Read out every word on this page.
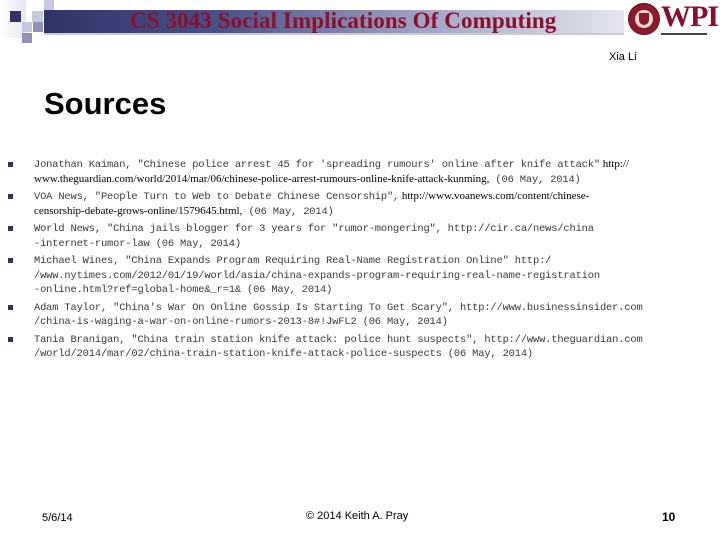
CS 3043 Social Implications Of Computing	WPI
Xia Li
Sources
Jonathan Kaiman, "Chinese police arrest 45 for 'spreading rumours' online after knife attack" http://
www.theguardian.com/world/2014/mar/06/chinese-police-arrest-rumours-online-knife-attack-kunming, (06 May, 2014)
VOA News, "People Turn to Web to Debate Chinese Censorship", http://www.voanews.com/content/chinese-
censorship-debate-grows-online/1579645.html, (06 May, 2014)
World News, "China jails blogger for 3 years for "rumor-mongering", http://cir.ca/news/china
-internet-rumor-law (06 May, 2014)
Michael Wines, "China Expands Program Requiring Real-Name Registration Online" http:/
/www.nytimes.com/2012/01/19/world/asia/china-expands-program-requiring-real-name-registration
-online.html?ref=global-home&_r=1& (06 May, 2014)
Adam Taylor, "China's War On Online Gossip Is Starting To Get Scary", http://www.businessinsider.com
/china-is-waging-a-war-on-online-rumors-2013-8#!JwFL2 (06 May, 2014)
Tania Branigan, "China train station knife attack: police hunt suspects", http://www.theguardian.com
/world/2014/mar/02/china-train-station-knife-attack-police-suspects (06 May, 2014)
5/6/14	© 2014 Keith A. Pray	10
